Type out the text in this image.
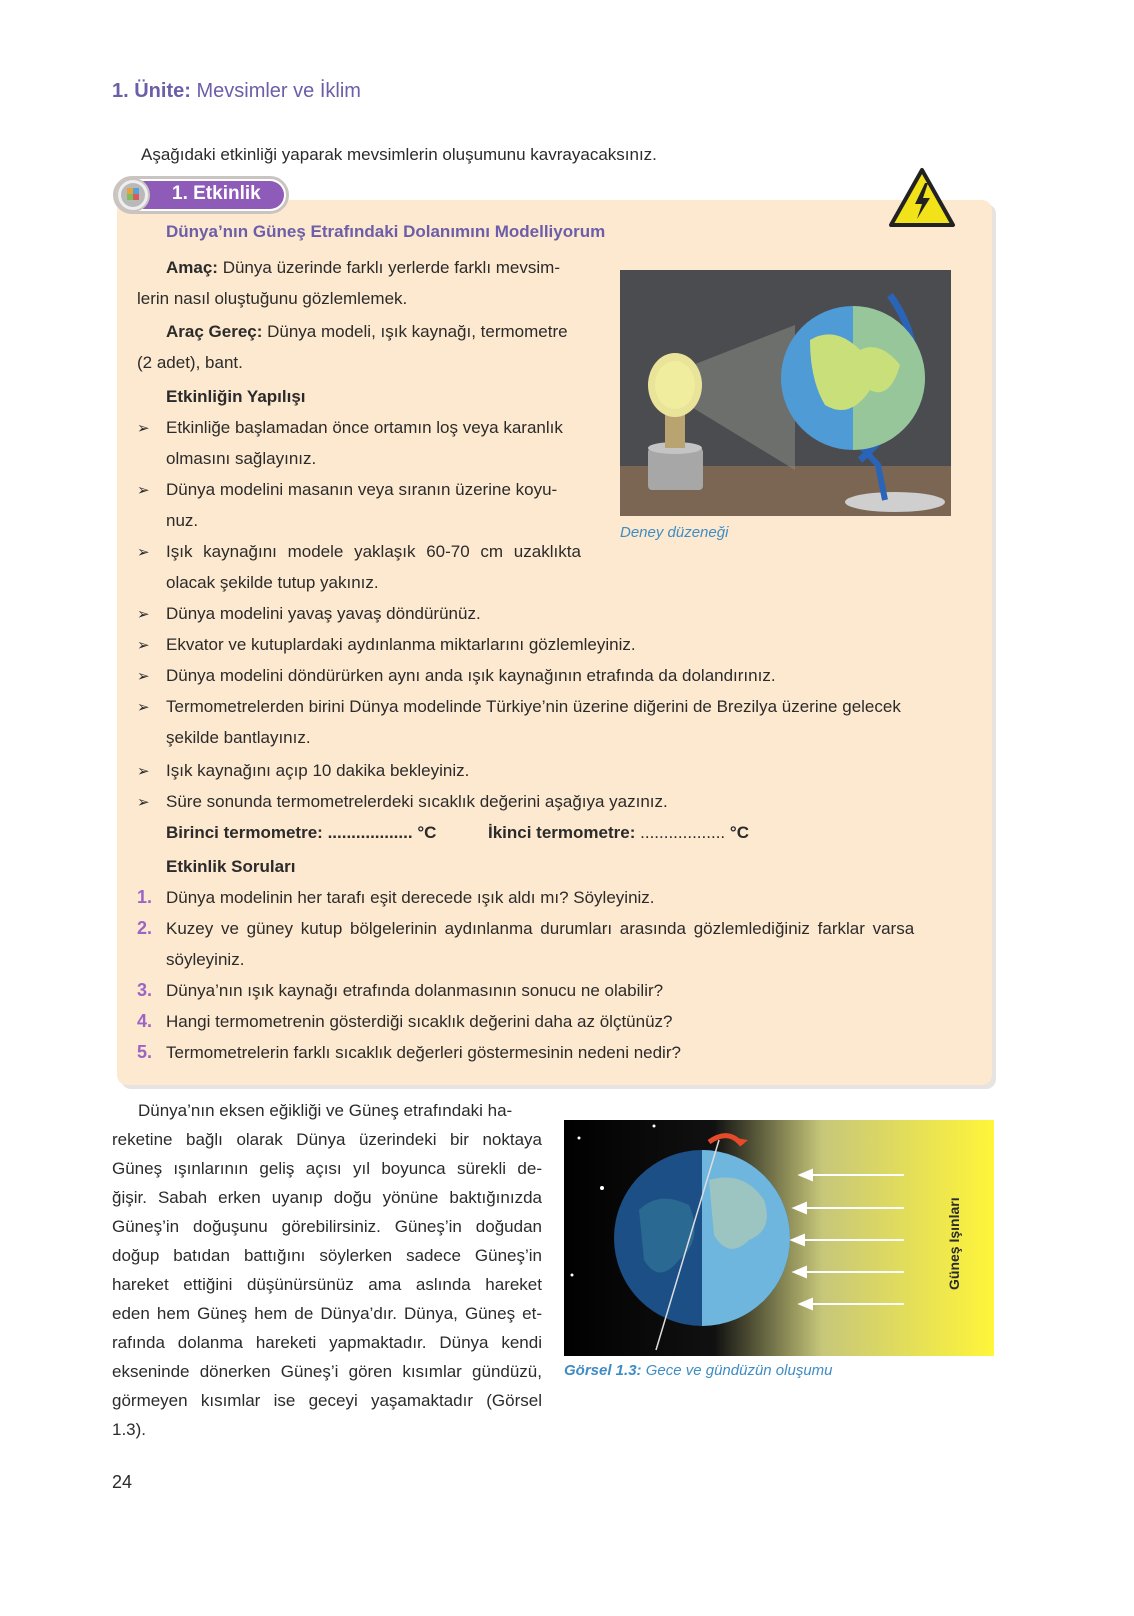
1. Ünite: Mevsimler ve İklim
Aşağıdaki etkinliği yaparak mevsimlerin oluşumunu kavrayacaksınız.
1. Etkinlik
Dünya’nın Güneş Etrafındaki Dolanımını Modelliyorum
Amaç: Dünya üzerinde farklı yerlerde farklı mevsim-
lerin nasıl oluştuğunu gözlemlemek.
Araç Gereç: Dünya modeli, ışık kaynağı, termometre
(2 adet), bant.
Etkinliğin Yapılışı
➢ Etkinliğe başlamadan önce ortamın loş veya karanlık
olmasını sağlayınız.
➢ Dünya modelini masanın veya sıranın üzerine koyu-
nuz.
➢ Işık kaynağını modele yaklaşık 60-70 cm uzaklıkta
olacak şekilde tutup yakınız.
➢ Dünya modelini yavaş yavaş döndürünüz.
➢ Ekvator ve kutuplardaki aydınlanma miktarlarını gözlemleyiniz.
➢ Dünya modelini döndürürken aynı anda ışık kaynağının etrafında da dolandırınız.
➢ Termometrelerden birini Dünya modelinde Türkiye’nin üzerine diğerini de Brezilya üzerine gelecek
şekilde bantlayınız.
➢ Işık kaynağını açıp 10 dakika bekleyiniz.
➢ Süre sonunda termometrelerdeki sıcaklık değerini aşağıya yazınız.
Birinci termometre: .................. °C	İkinci termometre: .................. °C
Etkinlik Soruları
1. Dünya modelinin her tarafı eşit derecede ışık aldı mı? Söyleyiniz.
2. Kuzey ve güney kutup bölgelerinin aydınlanma durumları arasında gözlemlediğiniz farklar varsa
söyleyiniz.
3. Dünya’nın ışık kaynağı etrafında dolanmasının sonucu ne olabilir?
4. Hangi termometrenin gösterdiği sıcaklık değerini daha az ölçtünüz?
5. Termometrelerin farklı sıcaklık değerleri göstermesinin nedeni nedir?
Deney düzeneği
Dünya’nın eksen eğikliği ve Güneş etrafındaki ha-
reketine bağlı olarak Dünya üzerindeki bir noktaya
Güneş ışınlarının geliş açısı yıl boyunca sürekli de-
ğişir. Sabah erken uyanıp doğu yönüne baktığınızda
Güneş’in doğuşunu görebilirsiniz. Güneş’in doğudan
doğup batıdan battığını söylerken sadece Güneş’in
hareket ettiğini düşünürsünüz ama aslında hareket
eden hem Güneş hem de Dünya’dır. Dünya, Güneş et-
rafında dolanma hareketi yapmaktadır. Dünya kendi
ekseninde dönerken Güneş’i gören kısımlar gündüzü,
görmeyen kısımlar ise geceyi yaşamaktadır (Görsel
1.3).
Görsel 1.3: Gece ve gündüzün oluşumu
24
